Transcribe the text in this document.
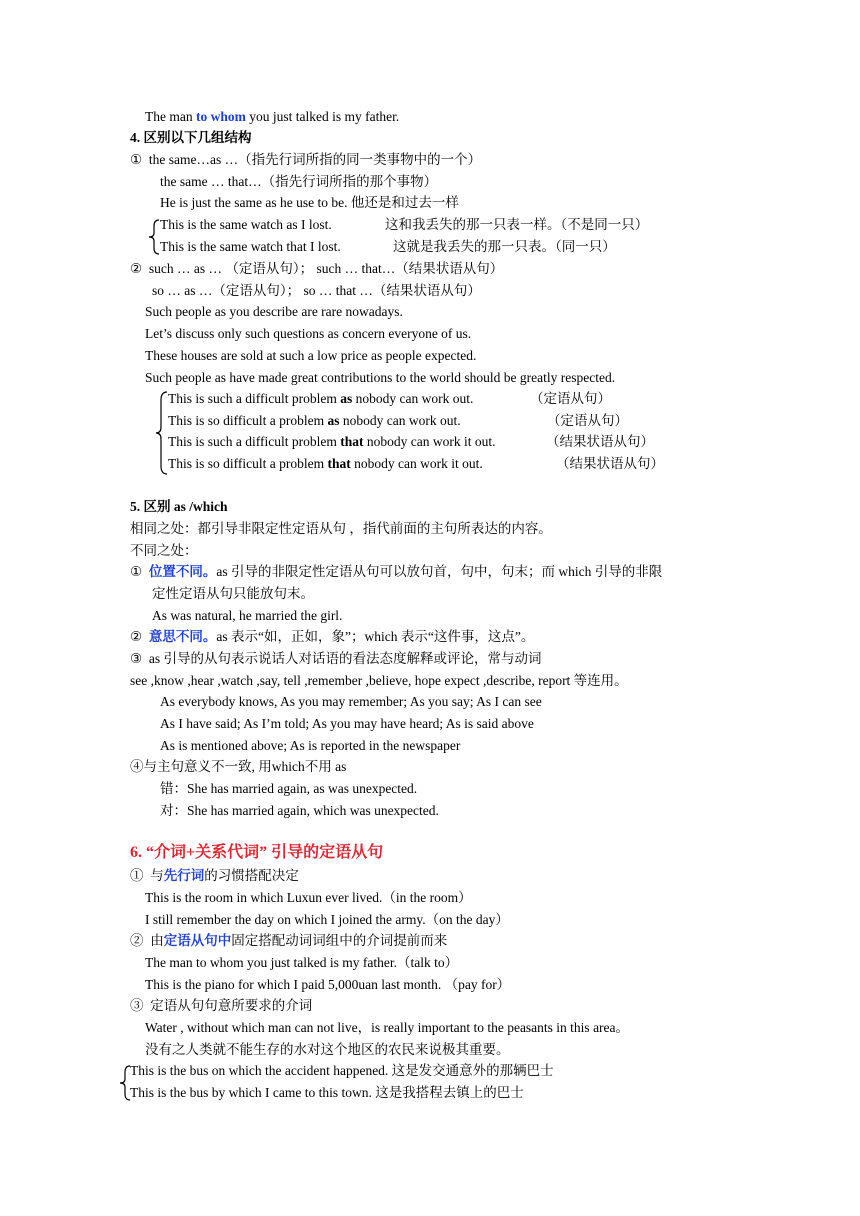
The man to whom you just talked is my father.
4. 区别以下几组结构
① the same…as …（指先行词所指的同一类事物中的一个）
the same … that…（指先行词所指的那个事物）
He is just the same as he use to be. 他还是和过去一样
This is the same watch as I lost.	这和我丢失的那一只表一样。（不是同一只）
This is the same watch that I lost.	这就是我丢失的那一只表。（同一只）
② such … as … （定语从句）； such … that…（结果状语从句）
so … as …（定语从句）； so … that …（结果状语从句）
Such people as you describe are rare nowadays.
Let’s discuss only such questions as concern everyone of us.
These houses are sold at such a low price as people expected.
Such people as have made great contributions to the world should be greatly respected.
This is such a difficult problem as nobody can work out.	（定语从句）
This is so difficult a problem as nobody can work out.	（定语从句）
This is such a difficult problem that nobody can work it out.	（结果状语从句）
This is so difficult a problem that nobody can work it out.	（结果状语从句）
5. 区别 as /which
相同之处：都引导非限定性定语从句 ，指代前面的主句所表达的内容。
不同之处：
① 位置不同。as 引导的非限定性定语从句可以放句首，句中，句末；而 which 引导的非限
定性定语从句只能放句末。
As was natural, he married the girl.
② 意思不同。as 表示“如，正如，象”；which 表示“这件事，这点”。
③ as 引导的从句表示说话人对话语的看法态度解释或评论，常与动词
see ,know ,hear ,watch ,say, tell ,remember ,believe, hope expect ,describe, report 等连用。
As everybody knows, As you may remember; As you say; As I can see
As I have said; As I’m told; As you may have heard; As is said above
As is mentioned above; As is reported in the newspaper
④与主句意义不一致, 用which不用 as
错：She has married again, as was unexpected.
对：She has married again, which was unexpected.
6. “介词+关系代词” 引导的定语从句
① 与先行词的习惯搭配决定
This is the room in which Luxun ever lived.（in the room）
I still remember the day on which I joined the army.（on the day）
② 由定语从句中固定搭配动词词组中的介词提前而来
The man to whom you just talked is my father.（talk to）
This is the piano for which I paid 5,000uan last month. （pay for）
③ 定语从句句意所要求的介词
Water , without which man can not live，is really important to the peasants in this area。
没有之人类就不能生存的水对这个地区的农民来说极其重要。
This is the bus on which the accident happened. 这是发交通意外的那辆巴士
This is the bus by which I came to this town. 这是我搭程去镇上的巴士
